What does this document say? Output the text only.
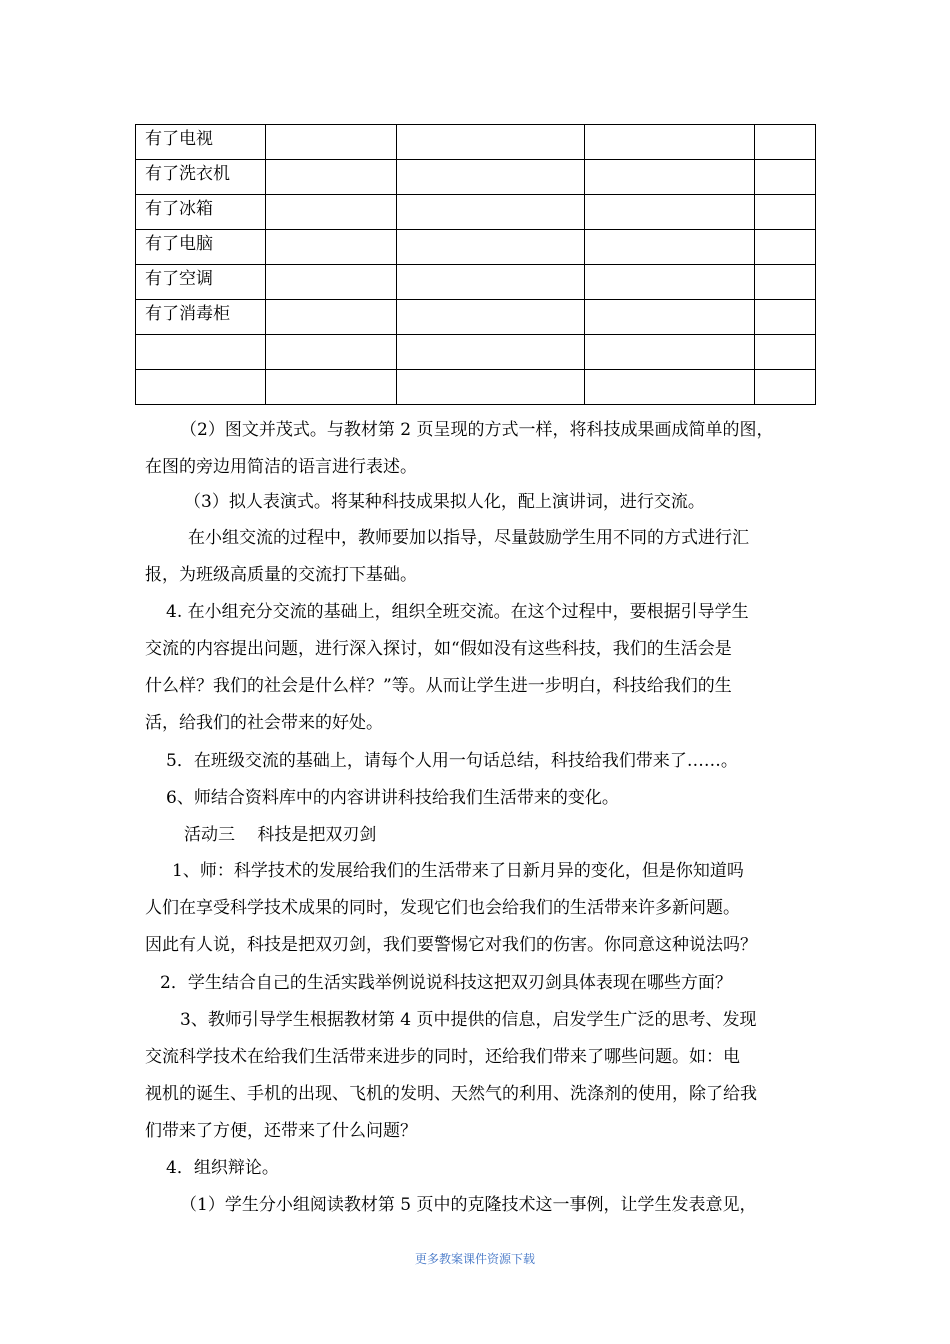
有了电视				
有了洗衣机				
有了冰箱				
有了电脑				
有了空调				
有了消毒柜				

（2）图文并茂式。与教材第 2 页呈现的方式一样，将科技成果画成简单的图，
在图的旁边用简洁的语言进行表述。
（3）拟人表演式。将某种科技成果拟人化，配上演讲词，进行交流。
在小组交流的过程中，教师要加以指导，尽量鼓励学生用不同的方式进行汇
报，为班级高质量的交流打下基础。
4. 在小组充分交流的基础上，组织全班交流。在这个过程中，要根据引导学生
交流的内容提出问题，进行深入探讨，如“假如没有这些科技，我们的生活会是
什么样？我们的社会是什么样？”等。从而让学生进一步明白，科技给我们的生
活，给我们的社会带来的好处。
5．在班级交流的基础上，请每个人用一句话总结，科技给我们带来了……。
6、师结合资料库中的内容讲讲科技给我们生活带来的变化。
活动三　 科技是把双刃剑
1、师：科学技术的发展给我们的生活带来了日新月异的变化，但是你知道吗
人们在享受科学技术成果的同时，发现它们也会给我们的生活带来许多新问题。
因此有人说，科技是把双刃剑，我们要警惕它对我们的伤害。你同意这种说法吗？
2．学生结合自己的生活实践举例说说科技这把双刃剑具体表现在哪些方面？
3、教师引导学生根据教材第 4 页中提供的信息，启发学生广泛的思考、发现
交流科学技术在给我们生活带来进步的同时，还给我们带来了哪些问题。如：电
视机的诞生、手机的出现、飞机的发明、天然气的利用、洗涤剂的使用，除了给我
们带来了方便，还带来了什么问题？
4．组织辩论。
（1）学生分小组阅读教材第 5 页中的克隆技术这一事例，让学生发表意见，
更多教案课件资源下载
